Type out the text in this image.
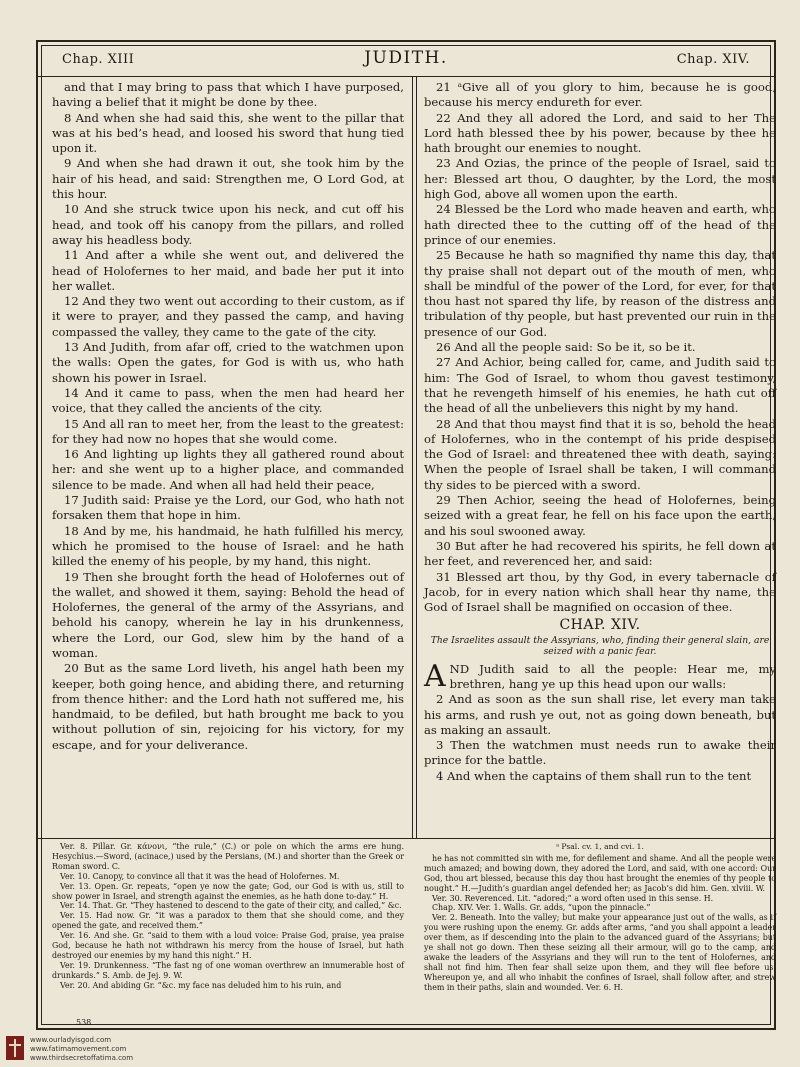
Chap. XIII	JUDITH.	Chap. XIV.

and that I may bring to pass that which I have purposed, having a belief that it might be done by thee.

8 And when she had said this, she went to the pillar that was at his bed’s head, and loosed his sword that hung tied upon it.

9 And when she had drawn it out, she took him by the hair of his head, and said: Strengthen me, O Lord God, at this hour.

10 And she struck twice upon his neck, and cut off his head, and took off his canopy from the pillars, and rolled away his headless body.

11 And after a while she went out, and delivered the head of Holofernes to her maid, and bade her put it into her wallet.

12 And they two went out according to their custom, as if it were to prayer, and they passed the camp, and having compassed the valley, they came to the gate of the city.

13 And Judith, from afar off, cried to the watchmen upon the walls: Open the gates, for God is with us, who hath shown his power in Israel.

14 And it came to pass, when the men had heard her voice, that they called the ancients of the city.

15 And all ran to meet her, from the least to the greatest: for they had now no hopes that she would come.

16 And lighting up lights they all gathered round about her: and she went up to a higher place, and commanded silence to be made. And when all had held their peace,

17 Judith said: Praise ye the Lord, our God, who hath not forsaken them that hope in him.

18 And by me, his handmaid, he hath fulfilled his mercy, which he promised to the house of Israel: and he hath killed the enemy of his people, by my hand, this night.

19 Then she brought forth the head of Holofernes out of the wallet, and showed it them, saying: Behold the head of Holofernes, the general of the army of the Assyrians, and behold his canopy, wherein he lay in his drunkenness, where the Lord, our God, slew him by the hand of a woman.

20 But as the same Lord liveth, his angel hath been my keeper, both going hence, and abiding there, and returning from thence hither: and the Lord hath not suffered me, his handmaid, to be defiled, but hath brought me back to you without pollution of sin, rejoicing for his victory, for my escape, and for your deliverance.

21 ᵃGive all of you glory to him, because he is good, because his mercy endureth for ever.

22 And they all adored the Lord, and said to her The Lord hath blessed thee by his power, because by thee he hath brought our enemies to nought.

23 And Ozias, the prince of the people of Israel, said to her: Blessed art thou, O daughter, by the Lord, the most high God, above all women upon the earth.

24 Blessed be the Lord who made heaven and earth, who hath directed thee to the cutting off of the head of the prince of our enemies.

25 Because he hath so magnified thy name this day, that thy praise shall not depart out of the mouth of men, who shall be mindful of the power of the Lord, for ever, for that thou hast not spared thy life, by reason of the distress and tribulation of thy people, but hast prevented our ruin in the presence of our God.

26 And all the people said: So be it, so be it.

27 And Achior, being called for, came, and Judith said to him: The God of Israel, to whom thou gavest testimony, that he revengeth himself of his enemies, he hath cut off the head of all the unbelievers this night by my hand.

28 And that thou mayst find that it is so, behold the head of Holofernes, who in the contempt of his pride despised the God of Israel: and threatened thee with death, saying: When the people of Israel shall be taken, I will command thy sides to be pierced with a sword.

29 Then Achior, seeing the head of Holofernes, being seized with a great fear, he fell on his face upon the earth, and his soul swooned away.

30 But after he had recovered his spirits, he fell down at her feet, and reverenced her, and said:

31 Blessed art thou, by thy God, in every tabernacle of Jacob, for in every nation which shall hear thy name, the God of Israel shall be magnified on occasion of thee.

CHAP. XIV.
The Israelites assault the Assyrians, who, finding their general slain, are seized with a panic fear.

AND Judith said to all the people: Hear me, my brethren, hang ye up this head upon our walls:

2 And as soon as the sun shall rise, let every man take his arms, and rush ye out, not as going down beneath, but as making an assault.

3 Then the watchmen must needs run to awake their prince for the battle.

4 And when the captains of them shall run to the tent

Ver. 8. Pillar. Gr. κάνονι, “the rule,” (C.) or pole on which the arms ere hung. Hesychius.—Sword, (acinace,) used by the Persians, (M.) and shorter than the Greek or Roman sword. C.
Ver. 10. Canopy, to convince all that it was the head of Holofernes. M.
Ver. 13. Open. Gr. repeats, “open ye now the gate; God, our God is with us, still to show power in Israel, and strength against the enemies, as he hath done to-day.” H.
Ver. 14. That. Gr. “They hastened to descend to the gate of their city, and called,” &c.
Ver. 15. Had now. Gr. “it was a paradox to them that she should come, and they opened the gate, and received them.”
Ver. 16. And she. Gr. “said to them with a loud voice: Praise God, praise, yea praise God, because he hath not withdrawn his mercy from the house of Israel, but hath destroyed our enemies by my hand this night.” H.
Ver. 19. Drunkenness. “The fast ng of one woman overthrew an innumerable host of drunkards.” S. Amb. de Jej. 9. W.
Ver. 20. And abiding Gr. “&c. my face nas deluded him to his ruin, and
ᵃ Psal. cv. 1, and cvi. 1.
he has not committed sin with me, for defilement and shame. And all the people were much amazed; and bowing down, they adored the Lord, and said, with one accord: Our God, thou art blessed, because this day thou hast brought the enemies of thy people to nought.” H.—Judith’s guardian angel defended her; as Jacob’s did him. Gen. xlviii. W.
Ver. 30. Reverenced. Lit. “adored;” a word often used in this sense. H.
Chap. XIV. Ver. 1. Walls. Gr. adds, “upon the pinnacle.”
Ver. 2. Beneath. Into the valley; but make your appearance just out of the walls, as if you were rushing upon the enemy. Gr. adds after arms, “and you shall appoint a leader over them, as if descending into the plain to the advanced guard of the Assyrians; but ye shall not go down. Then these seizing all their armour, will go to the camp, and awake the leaders of the Assyrians and they will run to the tent of Holofernes, and shall not find him. Then fear shall seize upon them, and they will flee before us. Whereupon ye, and all who inhabit the confines of Israel, shall follow after, and strew them in their paths, slain and wounded. Ver. 6. H.
538
www.ourladyisgod.com
www.fatimamovement.com
www.thirdsecretoffatima.com
